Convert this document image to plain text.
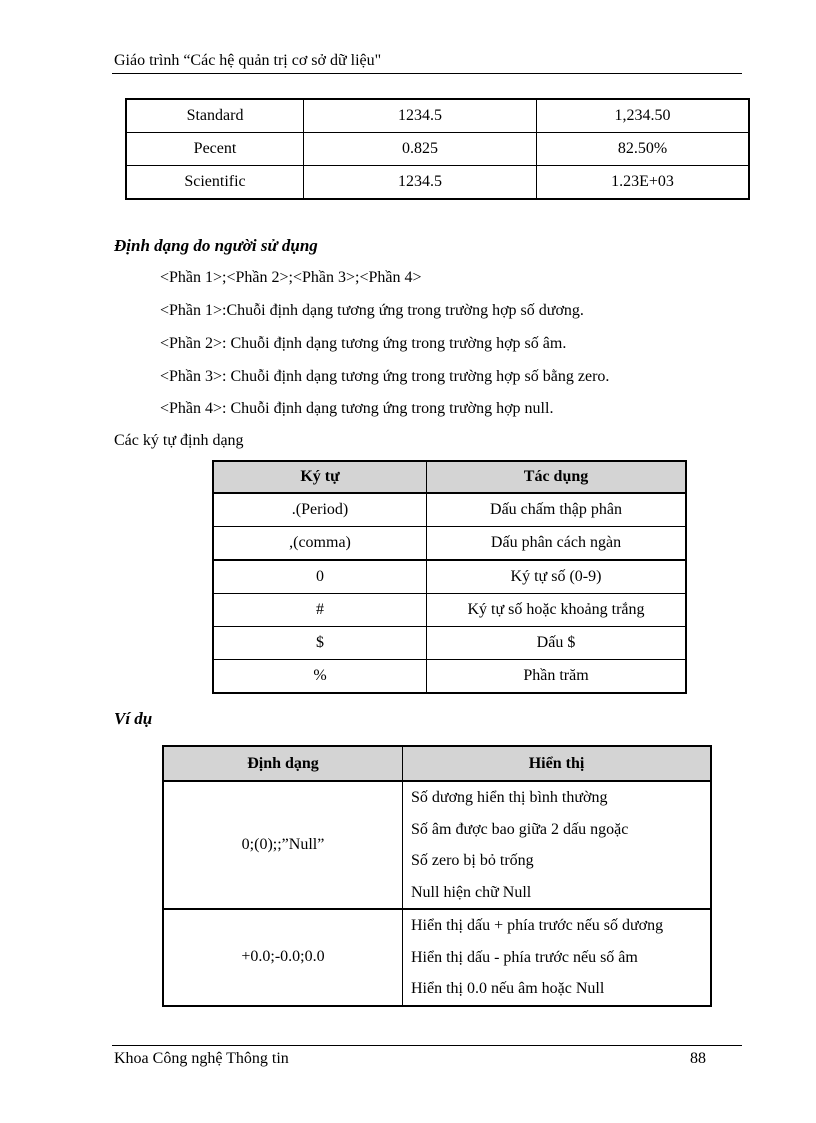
Giáo trình “Các hệ quản trị cơ sở dữ liệu"
Standard	1234.5	1,234.50
Pecent	0.825	82.50%
Scientific	1234.5	1.23E+03
Định dạng do người sử dụng
<Phần 1>;<Phần 2>;<Phần 3>;<Phần 4>
<Phần 1>:Chuỗi định dạng tương ứng trong trường hợp số dương.
<Phần 2>: Chuỗi định dạng tương ứng trong trường hợp số âm.
<Phần 3>: Chuỗi định dạng tương ứng trong trường hợp số bằng zero.
<Phần 4>: Chuỗi định dạng tương ứng trong trường hợp null.
Các ký tự định dạng
Ký tự	Tác dụng
.(Period)	Dấu chấm thập phân
,(comma)	Dấu phân cách ngàn
0	Ký tự số (0-9)
#	Ký tự số hoặc khoảng trắng
$	Dấu $
%	Phần trăm
Ví dụ
Định dạng	Hiển thị
0;(0);;”Null”	Số dương hiển thị bình thường
Số âm được bao giữa 2 dấu ngoặc
Số zero bị bỏ trống
Null hiện chữ Null

+0.0;-0.0;0.0	Hiển thị dấu + phía trước nếu số dương
Hiển thị dấu - phía trước nếu số âm
Hiển thị 0.0 nếu âm hoặc Null
Khoa Công nghệ Thông tin	88
